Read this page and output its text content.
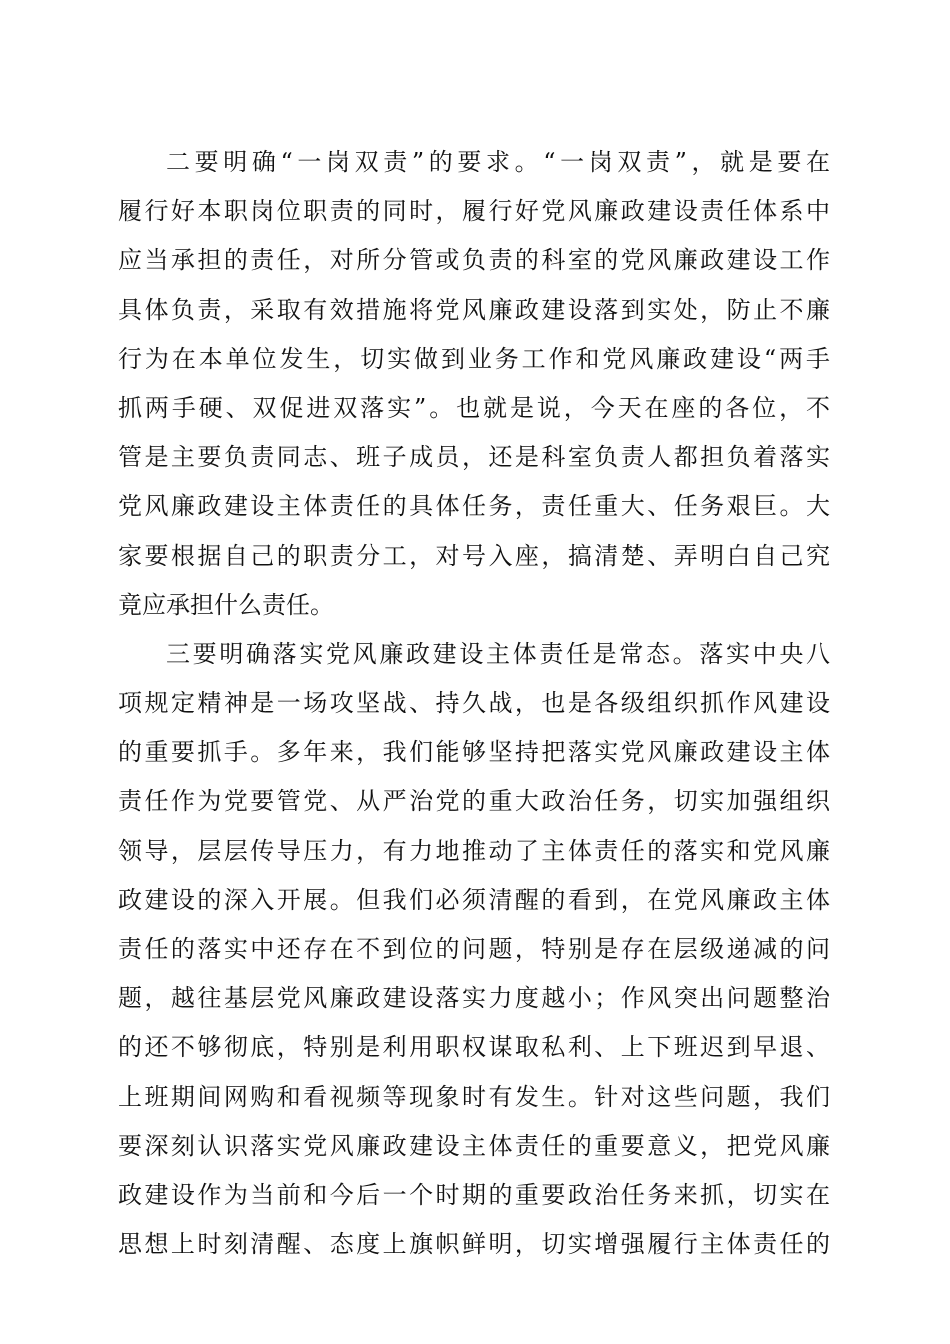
二要明确“一岗双责”的要求。“一岗双责”，就是要在
履行好本职岗位职责的同时，履行好党风廉政建设责任体系中
应当承担的责任，对所分管或负责的科室的党风廉政建设工作
具体负责，采取有效措施将党风廉政建设落到实处，防止不廉
行为在本单位发生，切实做到业务工作和党风廉政建设“两手
抓两手硬、双促进双落实”。也就是说，今天在座的各位，不
管是主要负责同志、班子成员，还是科室负责人都担负着落实
党风廉政建设主体责任的具体任务，责任重大、任务艰巨。大
家要根据自己的职责分工，对号入座，搞清楚、弄明白自己究
竟应承担什么责任。
三要明确落实党风廉政建设主体责任是常态。落实中央八
项规定精神是一场攻坚战、持久战，也是各级组织抓作风建设
的重要抓手。多年来，我们能够坚持把落实党风廉政建设主体
责任作为党要管党、从严治党的重大政治任务，切实加强组织
领导，层层传导压力，有力地推动了主体责任的落实和党风廉
政建设的深入开展。但我们必须清醒的看到，在党风廉政主体
责任的落实中还存在不到位的问题，特别是存在层级递减的问
题，越往基层党风廉政建设落实力度越小；作风突出问题整治
的还不够彻底，特别是利用职权谋取私利、上下班迟到早退、
上班期间网购和看视频等现象时有发生。针对这些问题，我们
要深刻认识落实党风廉政建设主体责任的重要意义，把党风廉
政建设作为当前和今后一个时期的重要政治任务来抓，切实在
思想上时刻清醒、态度上旗帜鲜明，切实增强履行主体责任的
